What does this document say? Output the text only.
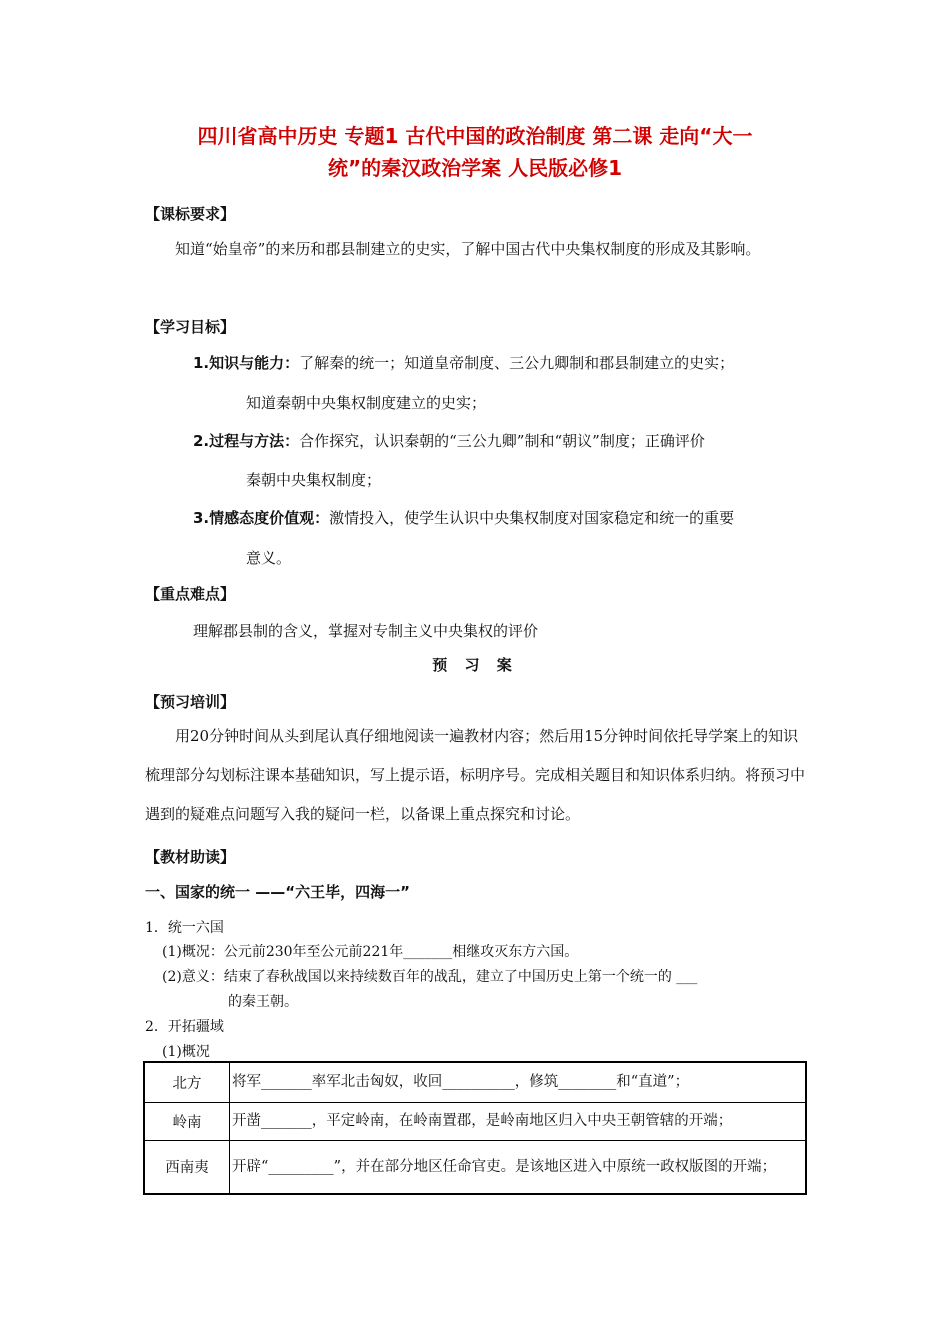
四川省高中历史 专题1 古代中国的政治制度 第二课 走向“大一
统”的秦汉政治学案 人民版必修1
【课标要求】
知道“始皇帝”的来历和郡县制建立的史实，了解中国古代中央集权制度的形成及其影响。
【学习目标】
1.知识与能力：了解秦的统一；知道皇帝制度、三公九卿制和郡县制建立的史实；
知道秦朝中央集权制度建立的史实；
2.过程与方法：合作探究，认识秦朝的“三公九卿”制和“朝议”制度；正确评价
秦朝中央集权制度；
3.情感态度价值观：激情投入，使学生认识中央集权制度对国家稳定和统一的重要
意义。
【重点难点】
理解郡县制的含义，掌握对专制主义中央集权的评价
预 习 案
【预习培训】
用20分钟时间从头到尾认真仔细地阅读一遍教材内容；然后用15分钟时间依托导学案上的知识梳理部分勾划标注课本基础知识，写上提示语，标明序号。完成相关题目和知识体系归纳。将预习中遇到的疑难点问题写入我的疑问一栏，以备课上重点探究和讨论。
【教材助读】
一、国家的统一 ——“六王毕，四海一”
1．统一六国
(1)概况：公元前230年至公元前221年_______相继攻灭东方六国。
(2)意义：结束了春秋战国以来持续数百年的战乱，建立了中国历史上第一个统一的 ___
的秦王朝。
2．开拓疆域
(1)概况
北方	将军_______率军北击匈奴，收回__________，修筑________和“直道”；
岭南	开凿_______，平定岭南，在岭南置郡，是岭南地区归入中央王朝管辖的开端；
西南夷	开辟“_________”，并在部分地区任命官吏。是该地区进入中原统一政权版图的开端；
